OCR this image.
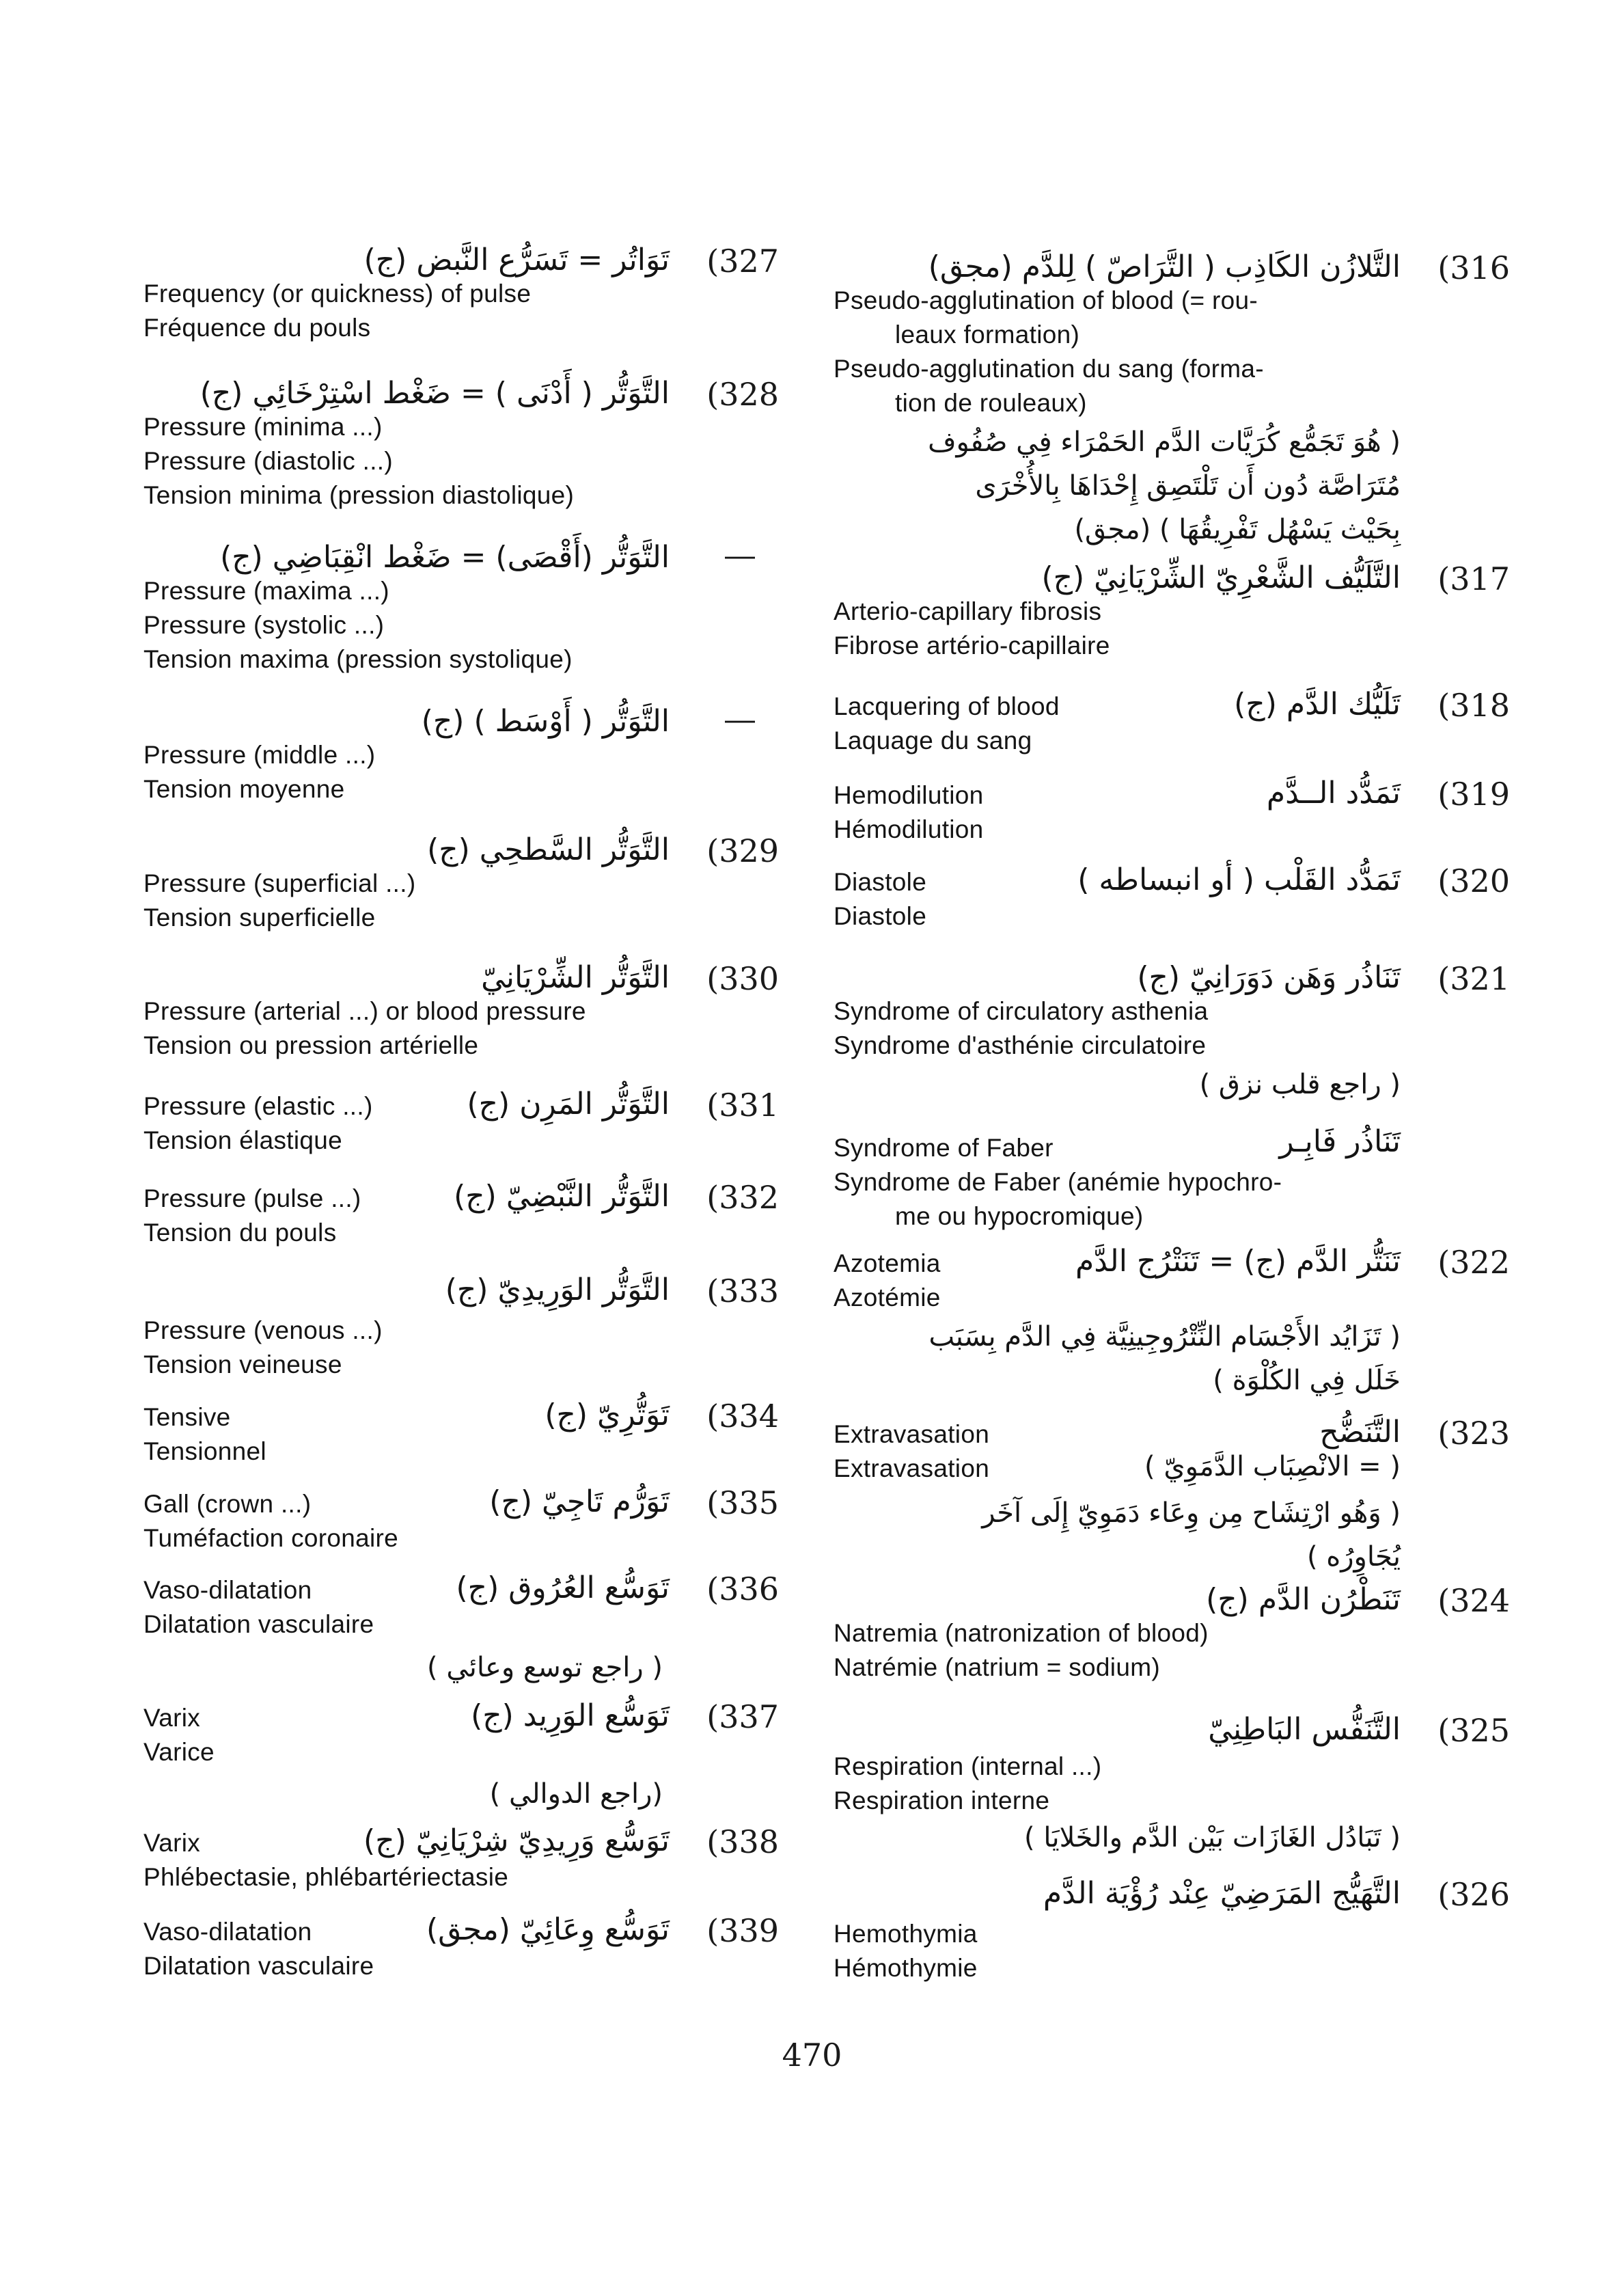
(327
تَوَاتُر = تَسَرُّع النَّبض (ج)
Frequency (or quickness) of pulse
Fréquence du pouls
(328
التَّوَتُّر ( أَدْنَى ) = ضَغْط اسْتِرْخَائِي (ج)
Pressure (minima ...)
Pressure (diastolic ...)
Tension minima (pression diastolique)
—
التَّوَتُّر (أَقْصَى) = ضَغْط انْقِبَاضِي (ج)
Pressure (maxima ...)
Pressure (systolic ...)
Tension maxima (pression systolique)
—
التَّوَتُّر ( أَوْسَط ) (ج)
Pressure (middle ...)
Tension moyenne
(329
التَّوَتُّر السَّطحِي (ج)
Pressure (superficial ...)
Tension superficielle
(330
التَّوَتُّر الشِّرْيَانِيّ
Pressure (arterial ...) or blood pressure
Tension ou pression artérielle
(331
التَّوَتُّر المَرِن (ج)
Pressure (elastic ...)
Tension élastique
(332
التَّوَتُّر النَّبْضِيّ (ج)
Pressure (pulse ...)
Tension du pouls
(333
التَّوَتُّر الوَرِيدِيّ (ج)
Pressure (venous ...)
Tension veineuse
(334
تَوَتُّرِيّ (ج)
Tensive
Tensionnel
(335
تَوَرُّم تَاجِيّ (ج)
Gall (crown ...)
Tuméfaction coronaire
(336
تَوَسُّع العُرُوق (ج)
Vaso-dilatation
Dilatation vasculaire
( راجع توسع وعائي )
(337
تَوَسُّع الوَرِيد (ج)
Varix
Varice
(راجع الدوالي )
(338
تَوَسُّع وَرِيدِيّ شِرْيَانِيّ (ج)
Varix
Phlébectasie, phlébartériectasie
(339
تَوَسُّع وِعَائِيّ (مجق)
Vaso-dilatation
Dilatation vasculaire
(316
التَّلازُن الكَاذِب ( التَّرَاصّ ) لِلدَّم (مجق)
Pseudo-agglutination of blood (= rou-
leaux formation)
Pseudo-agglutination du sang (forma-
tion de rouleaux)
( هُوَ تَجَمُّع كُرَيَّات الدَّم الحَمْرَاء فِي صُفُوف
مُتَرَاصَّة دُون أَن تَلْتَصِق إِحْدَاهَا بِالأُخْرَى
بِحَيْث يَسْهُل تَفْرِيقُهَا ) (مجق)
(317
التَّلَيُّف الشَّعْرِيّ الشِّرْيَانِيّ (ج)
Arterio-capillary fibrosis
Fibrose artério-capillaire
(318
تَلَيُّك الدَّم (ج)
Lacquering of blood
Laquage du sang
(319
تَمَدُّد الــدَّم
Hemodilution
Hémodilution
(320
تَمَدُّد القَلْب ( أو انبساطه )
Diastole
Diastole
(321
تَنَاذُر وَهَن دَوَرَانِيّ (ج)
Syndrome of circulatory asthenia
Syndrome d'asthénie circulatoire
( راجع قلب نزق )
تَنَاذُر فَابِـر
Syndrome of Faber
Syndrome de Faber (anémie hypochro-
me ou hypocromique)
(322
تَنَتُّر الدَّم (ج) = تَنَتْرُج الدَّم
Azotemia
Azotémie
( تَزَايُد الأَجْسَام النِّتْرُوجِينِيَّة فِي الدَّم بِسَبَب
خَلَل فِي الكُلْوَة )
(323
التَّنَضُّح
Extravasation
Extravasation	( = الانْصِبَاب الدَّمَوِيّ )
( وَهُو ارْتِشَاح مِن وِعَاء دَمَوِيّ إِلَى آخَر
يُجَاوِرُه )
(324
تَنَطْرُن الدَّم (ج)
Natremia (natronization of blood)
Natrémie (natrium = sodium)
(325
التَّنَفُّس البَاطِنِيّ
Respiration (internal ...)
Respiration interne
( تَبَادُل الغَازَات بَيْن الدَّم والخَلايَا )
(326
التَّهَيُّج المَرَضِيّ عِنْد رُؤْيَة الدَّم
Hemothymia
Hémothymie
470
